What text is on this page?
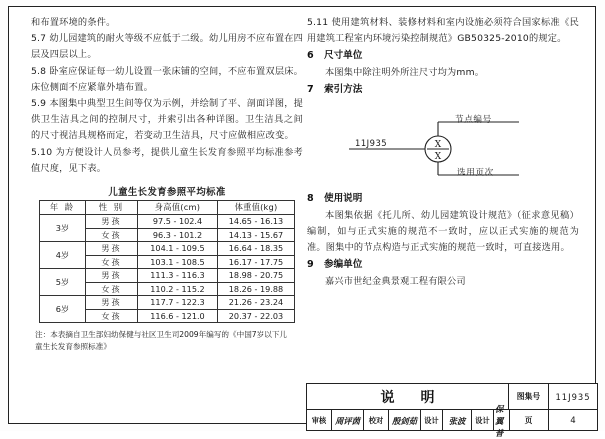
和布置环境的条件。

5.7 幼儿园建筑的耐火等级不应低于二级。幼儿用房不应布置在四层及四层以上。

5.8 卧室应保证每一幼儿设置一张床铺的空间，不应布置双层床。床位侧面不应紧靠外墙布置。

5.9 本图集中典型卫生间等仅为示例，并绘制了平、剖面详图，提供卫生洁具之间的控制尺寸，并索引出各种详图。卫生洁具之间的尺寸视洁具规格而定，若变动卫生洁具，尺寸应做相应改变。

5.10 为方便设计人员参考，提供儿童生长发育参照平均标准参考值尺度，见下表。

儿童生长发育参照平均标准
年 龄	性 别	身高值(cm)	体重值(kg)
3岁	男孩	97.5 - 102.4	14.65 - 16.13
	女孩	96.3 - 101.2	14.13 - 15.67
4岁	男孩	104.1 - 109.5	16.64 - 18.35
	女孩	103.1 - 108.5	16.17 - 17.75
5岁	男孩	111.3 - 116.3	18.98 - 20.75
	女孩	110.2 - 115.2	18.26 - 19.88
6岁	男孩	117.7 - 122.3	21.26 - 23.24
	女孩	116.6 - 121.0	20.37 - 22.03
注：本表摘自卫生部妇幼保健与社区卫生司2009年编写的《中国7岁以下儿童生长发育参照标准》

5.11 使用建筑材料、装修材料和室内设施必须符合国家标准《民用建筑工程室内环境污染控制规范》GB50325-2010的规定。

6 尺寸单位

本图集中除注明外所注尺寸均为mm。

7 索引方法
X
X
11J935
节点编号
选用页次
8 使用说明

本图集依据《托儿所、幼儿园建筑设计规范》（征求意见稿）编制，如与正式实施的规范不一致时，应以正式实施的规范为准。图集中的节点构造与正式实施的规范一致时，可直接选用。

9 参编单位

嘉兴市世纪金典景观工程有限公司

说明	图集号	11J935
审核	周评茵	校对	殷剑茹	设计	张波	设计
保翼普
页	4
